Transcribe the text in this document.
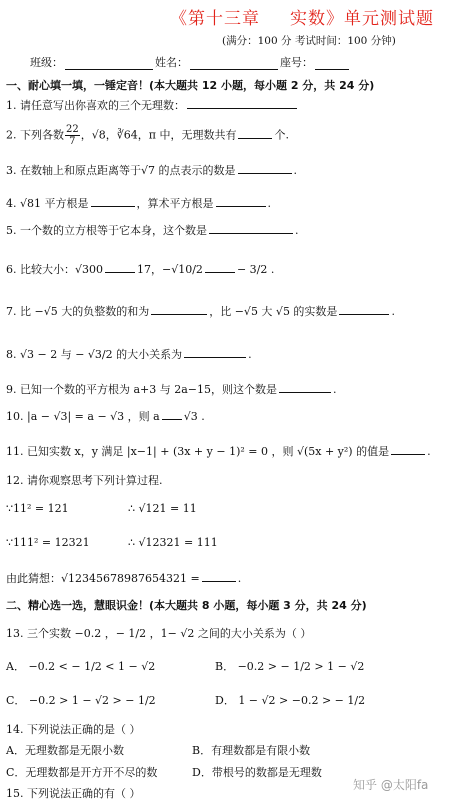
《第十三章 实数》单元测试题
(满分：100 分 考试时间：100 分钟)
班级：	姓名：	座号：
一、耐心填一填，一锤定音！(本大题共 12 小题，每小题 2 分，共 24 分)
1. 请任意写出你喜欢的三个无理数：
2. 下列各数 $\frac{22}{7}$ ，√8，∛64，π 中，无理数共有	个.
3. 在数轴上和原点距离等于√7 的点表示的数是	.
4. √81 平方根是	，算术平方根是	.
5. 一个数的立方根等于它本身，这个数是	.
6. 比较大小：√300	17，−√10/2	− 3/2 .
7. 比 −√5 大的负整数的和为	，比 −√5 大 √5 的实数是	.
8. √3 − 2 与 − √3/2 的大小关系为	.
9. 已知一个数的平方根为 a+3 与 2a−15，则这个数是	.
10. |a − √3| = a − √3 ，则 a √3 .
11. 已知实数 x，y 满足 |x−1| + (3x + y − 1)² = 0 ，则 √(5x + y²) 的值是	.
12. 请你观察思考下列计算过程.
∵11² = 121	∴ √121 = 11
∵111² = 12321	∴ √12321 = 111
由此猜想：√12345678987654321 =	.
二、精心选一选，慧眼识金！(本大题共 8 小题，每小题 3 分，共 24 分)
13. 三个实数 −0.2 ，− 1/2 ，1− √2 之间的大小关系为（ ）
A． −0.2 < − 1/2 < 1 − √2	B． −0.2 > − 1/2 > 1 − √2
C． −0.2 > 1 − √2 > − 1/2	D． 1 − √2 > −0.2 > − 1/2
14. 下列说法正确的是（ ）
A．无理数都是无限小数	B．有理数都是有限小数
C．无理数都是开方开不尽的数	D．带根号的数都是无理数
15. 下列说法正确的有（ ）
知乎 @太阳fa
